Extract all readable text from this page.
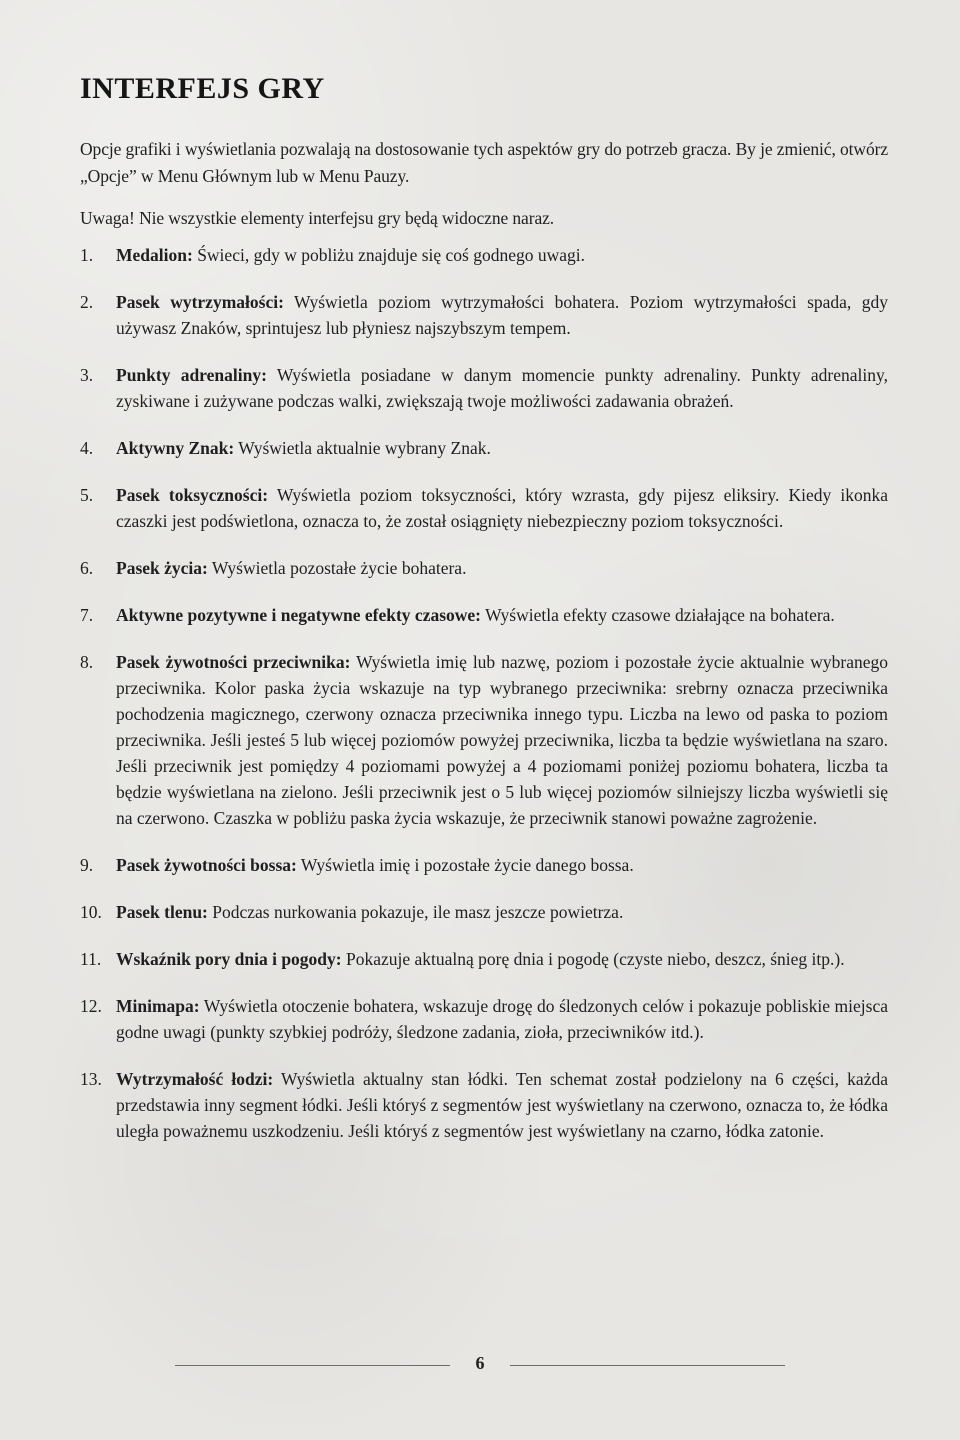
INTERFEJS GRY

Opcje grafiki i wyświetlania pozwalają na dostosowanie tych aspektów gry do potrzeb gracza. By je zmienić, otwórz „Opcje” w Menu Głównym lub w Menu Pauzy.

Uwaga! Nie wszystkie elementy interfejsu gry będą widoczne naraz.

1.	Medalion: Świeci, gdy w pobliżu znajduje się coś godnego uwagi.
2.	Pasek wytrzymałości: Wyświetla poziom wytrzymałości bohatera. Poziom wytrzymałości spada, gdy używasz Znaków, sprintujesz lub płyniesz najszybszym tempem.
3.	Punkty adrenaliny: Wyświetla posiadane w danym momencie punkty adrenaliny. Punkty adrenaliny, zyskiwane i zużywane podczas walki, zwiększają twoje możliwości zadawania obrażeń.
4.	Aktywny Znak: Wyświetla aktualnie wybrany Znak.
5.	Pasek toksyczności: Wyświetla poziom toksyczności, który wzrasta, gdy pijesz eliksiry. Kiedy ikonka czaszki jest podświetlona, oznacza to, że został osiągnięty niebezpieczny poziom toksyczności.
6.	Pasek życia: Wyświetla pozostałe życie bohatera.
7.	Aktywne pozytywne i negatywne efekty czasowe: Wyświetla efekty czasowe działające na bohatera.
8.	Pasek żywotności przeciwnika: Wyświetla imię lub nazwę, poziom i pozostałe życie aktualnie wybranego przeciwnika. Kolor paska życia wskazuje na typ wybranego przeciwnika: srebrny oznacza przeciwnika pochodzenia magicznego, czerwony oznacza przeciwnika innego typu. Liczba na lewo od paska to poziom przeciwnika. Jeśli jesteś 5 lub więcej poziomów powyżej przeciwnika, liczba ta będzie wyświetlana na szaro. Jeśli przeciwnik jest pomiędzy 4 poziomami powyżej a 4 poziomami poniżej poziomu bohatera, liczba ta będzie wyświetlana na zielono. Jeśli przeciwnik jest o 5 lub więcej poziomów silniejszy liczba wyświetli się na czerwono. Czaszka w pobliżu paska życia wskazuje, że przeciwnik stanowi poważne zagrożenie.
9.	Pasek żywotności bossa: Wyświetla imię i pozostałe życie danego bossa.
10. Pasek tlenu: Podczas nurkowania pokazuje, ile masz jeszcze powietrza.
11. Wskaźnik pory dnia i pogody: Pokazuje aktualną porę dnia i pogodę (czyste niebo, deszcz, śnieg itp.).
12. Minimapa: Wyświetla otoczenie bohatera, wskazuje drogę do śledzonych celów i pokazuje pobliskie miejsca godne uwagi (punkty szybkiej podróży, śledzone zadania, zioła, przeciwników itd.).
13. Wytrzymałość łodzi: Wyświetla aktualny stan łódki. Ten schemat został podzielony na 6 części, każda przedstawia inny segment łódki. Jeśli któryś z segmentów jest wyświetlany na czerwono, oznacza to, że łódka uległa poważnemu uszkodzeniu. Jeśli któryś z segmentów jest wyświetlany na czarno, łódka zatonie.
6
